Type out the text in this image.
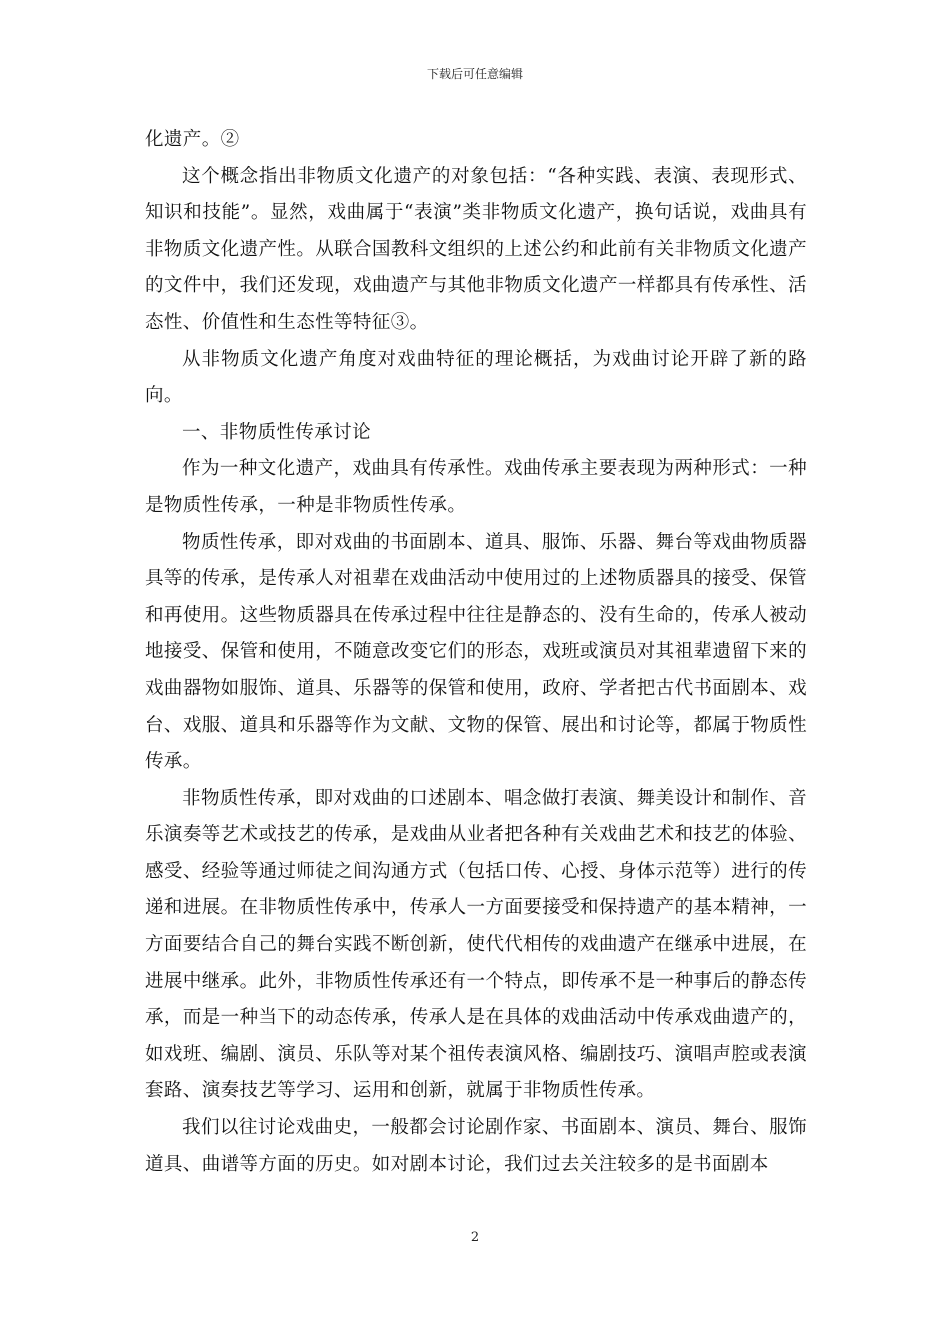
下载后可任意编辑

化遗产。②

这个概念指出非物质文化遗产的对象包括：“各种实践、表演、表现形式、知识和技能”。显然，戏曲属于“表演”类非物质文化遗产，换句话说，戏曲具有非物质文化遗产性。从联合国教科文组织的上述公约和此前有关非物质文化遗产的文件中，我们还发现，戏曲遗产与其他非物质文化遗产一样都具有传承性、活态性、价值性和生态性等特征③。

从非物质文化遗产角度对戏曲特征的理论概括，为戏曲讨论开辟了新的路向。

一、非物质性传承讨论

作为一种文化遗产，戏曲具有传承性。戏曲传承主要表现为两种形式：一种是物质性传承，一种是非物质性传承。

物质性传承，即对戏曲的书面剧本、道具、服饰、乐器、舞台等戏曲物质器具等的传承，是传承人对祖辈在戏曲活动中使用过的上述物质器具的接受、保管和再使用。这些物质器具在传承过程中往往是静态的、没有生命的，传承人被动地接受、保管和使用，不随意改变它们的形态，戏班或演员对其祖辈遗留下来的戏曲器物如服饰、道具、乐器等的保管和使用，政府、学者把古代书面剧本、戏台、戏服、道具和乐器等作为文献、文物的保管、展出和讨论等，都属于物质性传承。

非物质性传承，即对戏曲的口述剧本、唱念做打表演、舞美设计和制作、音乐演奏等艺术或技艺的传承，是戏曲从业者把各种有关戏曲艺术和技艺的体验、感受、经验等通过师徒之间沟通方式（包括口传、心授、身体示范等）进行的传递和进展。在非物质性传承中，传承人一方面要接受和保持遗产的基本精神，一方面要结合自己的舞台实践不断创新，使代代相传的戏曲遗产在继承中进展，在进展中继承。此外，非物质性传承还有一个特点，即传承不是一种事后的静态传承，而是一种当下的动态传承，传承人是在具体的戏曲活动中传承戏曲遗产的，如戏班、编剧、演员、乐队等对某个祖传表演风格、编剧技巧、演唱声腔或表演套路、演奏技艺等学习、运用和创新，就属于非物质性传承。

我们以往讨论戏曲史，一般都会讨论剧作家、书面剧本、演员、舞台、服饰道具、曲谱等方面的历史。如对剧本讨论，我们过去关注较多的是书面剧本

2
